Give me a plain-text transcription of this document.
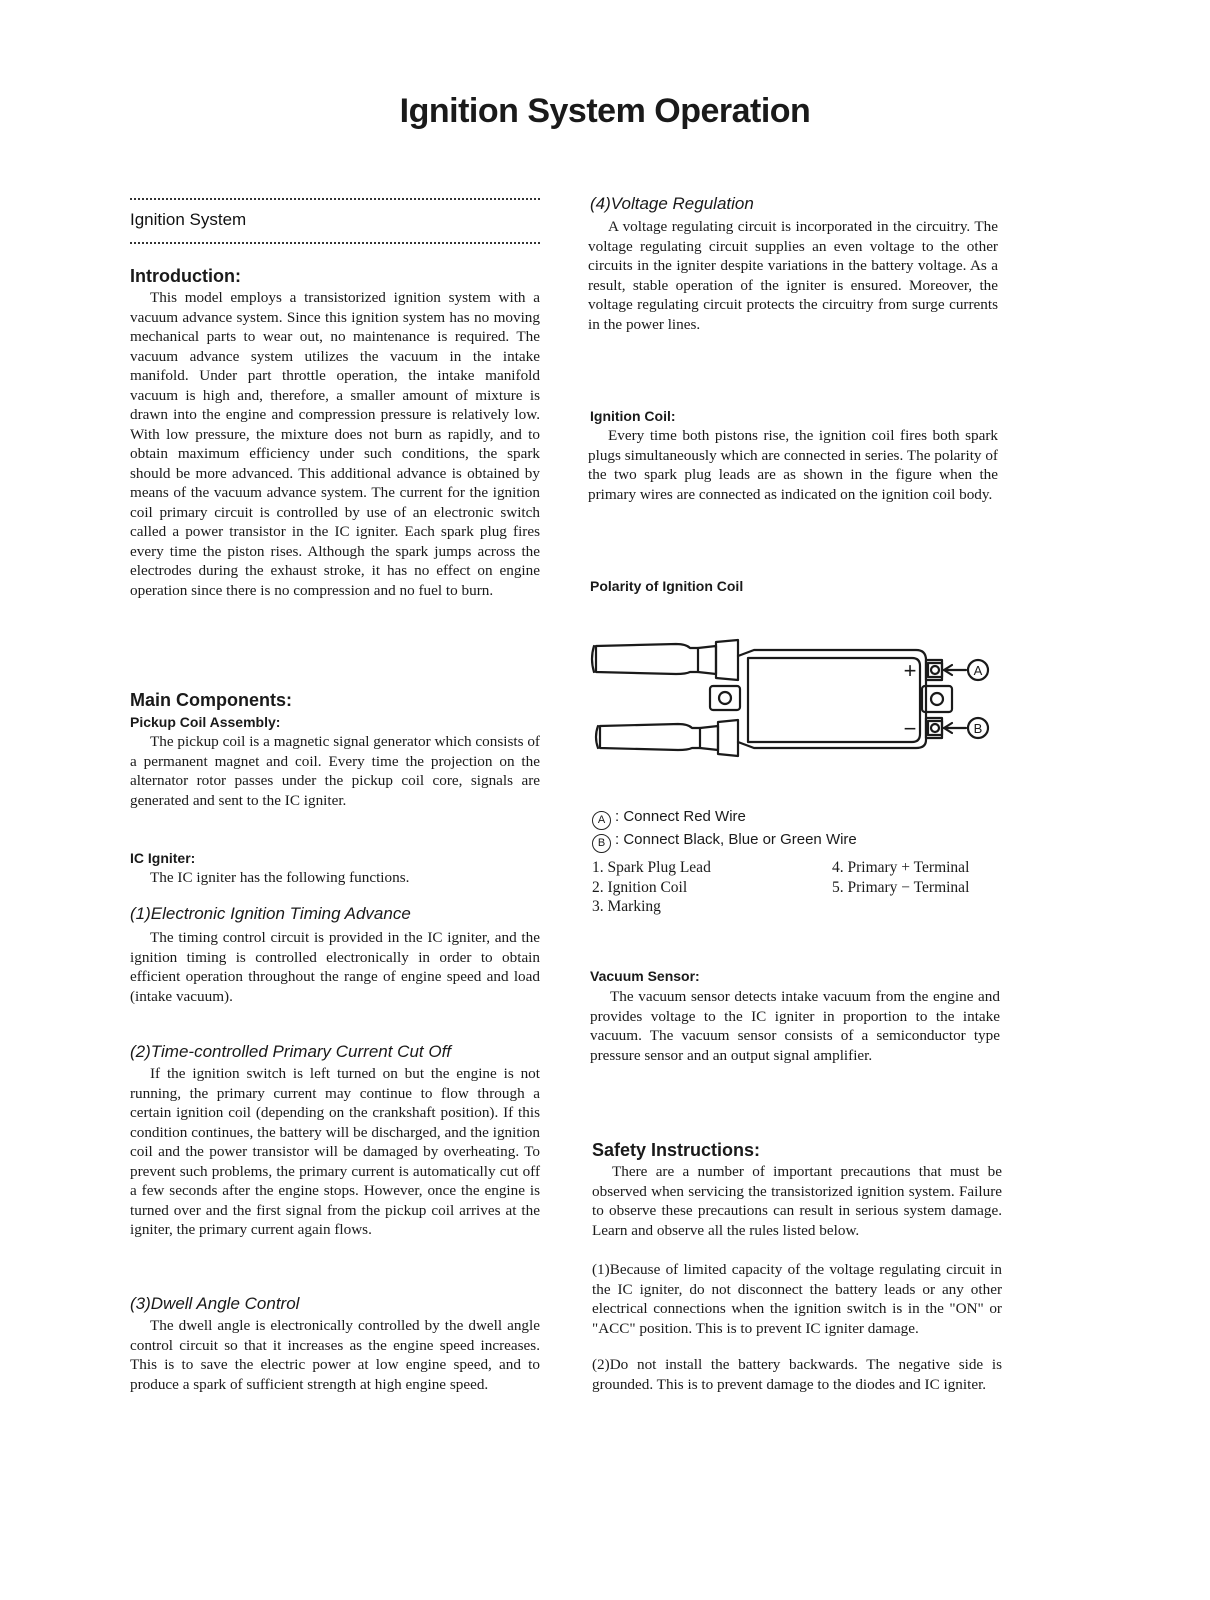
Ignition System Operation
Ignition System
Introduction:

This model employs a transistorized ignition system with a vacuum advance system. Since this ignition system has no moving mechanical parts to wear out, no maintenance is required. The vacuum advance system utilizes the vacuum in the intake manifold. Under part throttle operation, the intake manifold vacuum is high and, therefore, a smaller amount of mixture is drawn into the engine and compression pressure is relatively low. With low pressure, the mixture does not burn as rapidly, and to obtain maximum efficiency under such conditions, the spark should be more advanced. This additional advance is obtained by means of the vacuum advance system. The current for the ignition coil primary circuit is controlled by use of an electronic switch called a power transistor in the IC igniter. Each spark plug fires every time the piston rises. Although the spark jumps across the electrodes during the exhaust stroke, it has no effect on engine operation since there is no compression and no fuel to burn.

Main Components:
Pickup Coil Assembly:

The pickup coil is a magnetic signal generator which consists of a permanent magnet and coil. Every time the projection on the alternator rotor passes under the pickup coil core, signals are generated and sent to the IC igniter.

IC Igniter:

The IC igniter has the following functions.

(1)Electronic Ignition Timing Advance

The timing control circuit is provided in the IC igniter, and the ignition timing is controlled electronically in order to obtain efficient operation throughout the range of engine speed and load (intake vacuum).

(2)Time-controlled Primary Current Cut Off

If the ignition switch is left turned on but the engine is not running, the primary current may continue to flow through a certain ignition coil (depending on the crankshaft position). If this condition continues, the battery will be discharged, and the ignition coil and the power transistor will be damaged by overheating. To prevent such problems, the primary current is automatically cut off a few seconds after the engine stops. However, once the engine is turned over and the first signal from the pickup coil arrives at the igniter, the primary current again flows.

(3)Dwell Angle Control

The dwell angle is electronically controlled by the dwell angle control circuit so that it increases as the engine speed increases. This is to save the electric power at low engine speed, and to produce a spark of sufficient strength at high engine speed.

(4)Voltage Regulation

A voltage regulating circuit is incorporated in the circuitry. The voltage regulating circuit supplies an even voltage to the other circuits in the igniter despite variations in the battery voltage. As a result, stable operation of the igniter is ensured. Moreover, the voltage regulating circuit protects the circuitry from surge currents in the power lines.

Ignition Coil:

Every time both pistons rise, the ignition coil fires both spark plugs simultaneously which are connected in series. The polarity of the two spark plug leads are as shown in the figure when the primary wires are connected as indicated on the ignition coil body.

Polarity of Ignition Coil
+
−
A
B
A : Connect Red Wire
B : Connect Black, Blue or Green Wire
1. Spark Plug Lead
2. Ignition Coil
3. Marking
4. Primary + Terminal
5. Primary − Terminal
Vacuum Sensor:

The vacuum sensor detects intake vacuum from the engine and provides voltage to the IC igniter in proportion to the intake vacuum. The vacuum sensor consists of a semiconductor type pressure sensor and an output signal amplifier.

Safety Instructions:

There are a number of important precautions that must be observed when servicing the transistorized ignition system. Failure to observe these precautions can result in serious system damage. Learn and observe all the rules listed below.

(1)Because of limited capacity of the voltage regulating circuit in the IC igniter, do not disconnect the battery leads or any other electrical connections when the ignition switch is in the "ON" or "ACC" position. This is to prevent IC igniter damage.

(2)Do not install the battery backwards. The negative side is grounded. This is to prevent damage to the diodes and IC igniter.
